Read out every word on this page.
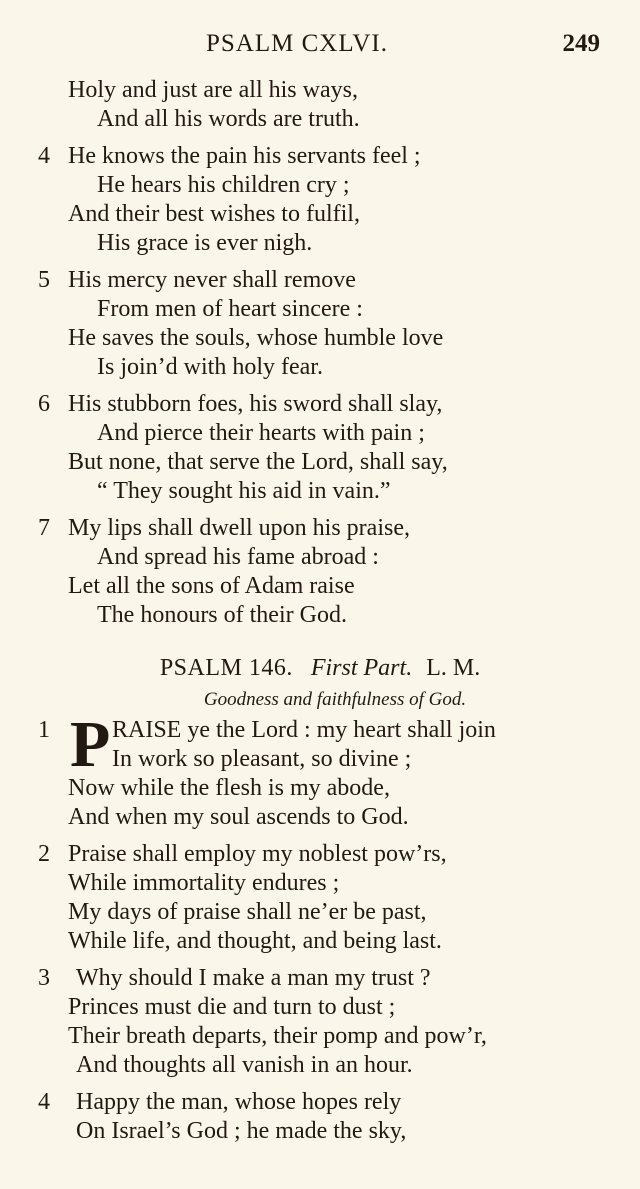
PSALM CXLVI.	249
Holy and just are all his ways,
And all his words are truth.
4 He knows the pain his servants feel ;
He hears his children cry ;
And their best wishes to fulfil,
His grace is ever nigh.
5 His mercy never shall remove
From men of heart sincere :
He saves the souls, whose humble love
Is join’d with holy fear.
6 His stubborn foes, his sword shall slay,
And pierce their hearts with pain ;
But none, that serve the Lord, shall say,
“ They sought his aid in vain.”
7 My lips shall dwell upon his praise,
And spread his fame abroad :
Let all the sons of Adam raise
The honours of their God.
PSALM 146. First Part. L. M.
Goodness and faithfulness of God.
1 P RAISE ye the Lord : my heart shall join
In work so pleasant, so divine ;
Now while the flesh is my abode,
And when my soul ascends to God.
2 Praise shall employ my noblest pow’rs,
While immortality endures ;
My days of praise shall ne’er be past,
While life, and thought, and being last.
3 Why should I make a man my trust ?
Princes must die and turn to dust ;
Their breath departs, their pomp and pow’r,
And thoughts all vanish in an hour.
4 Happy the man, whose hopes rely
On Israel’s God ; he made the sky,
